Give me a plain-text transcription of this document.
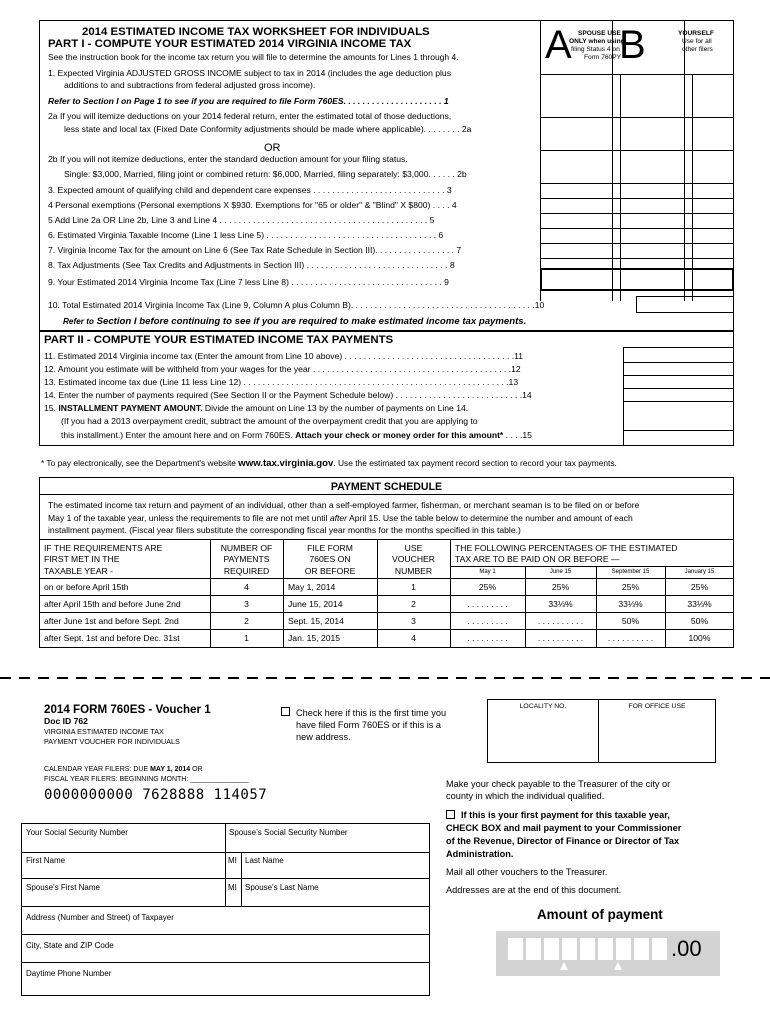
A SPOUSE USE
ONLY when using
filing Status 4 on
Form 760PY
B	YOURSELF
Use for all
other filers
2014 ESTIMATED INCOME TAX WORKSHEET FOR INDIVIDUALS
PART I - COMPUTE YOUR ESTIMATED 2014 VIRGINIA INCOME TAX
See the instruction book for the income tax return you will file to determine the amounts for Lines 1 through 4.
1. Expected Virginia ADJUSTED GROSS INCOME subject to tax in 2014 (includes the age deduction plus
additions to and subtractions from federal adjusted gross income).
Refer to Section I on Page 1 to see if you are required to file Form 760ES. . . . . . . . . . . . . . . . . . . . . 1
2a If you will itemize deductions on your 2014 federal return, enter the estimated total of those deductions,
less state and local tax (Fixed Date Conformity adjustments should be made where applicable). . . . . . . . 2a
OR
2b If you will not itemize deductions, enter the standard deduction amount for your filing status.
Single: $3,000, Married, filing joint or combined return: $6,000, Married, filing separately: $3,000. . . . . . 2b
3. Expected amount of qualifying child and dependent care expenses . . . . . . . . . . . . . . . . . . . . . . . . . . . . 3
4 Personal exemptions (Personal exemptions X $930. Exemptions for "65 or older" & "Blind" X $800) . . . . 4
5 Add Line 2a OR Line 2b, Line 3 and Line 4 . . . . . . . . . . . . . . . . . . . . . . . . . . . . . . . . . . . . . . . . . . . . 5
6. Estimated Virginia Taxable Income (Line 1 less Line 5) . . . . . . . . . . . . . . . . . . . . . . . . . . . . . . . . . . . . 6
7. Virginia Income Tax for the amount on Line 6 (See Tax Rate Schedule in Section III). . . . . . . . . . . . . . . . . 7
8. Tax Adjustments (See Tax Credits and Adjustments in Section III) . . . . . . . . . . . . . . . . . . . . . . . . . . . . . . 8
9. Your Estimated 2014 Virginia Income Tax (Line 7 less Line 8) . . . . . . . . . . . . . . . . . . . . . . . . . . . . . . . . 9
10. Total Estimated 2014 Virginia Income Tax (Line 9, Column A plus Column B). . . . . . . . . . . . . . . . . . . . . . . . . . . . . . . . . . . . . . .10
Refer to Section I before continuing to see if you are required to make estimated income tax payments.
PART II - COMPUTE YOUR ESTIMATED INCOME TAX PAYMENTS
11. Estimated 2014 Virginia income tax (Enter the amount from Line 10 above) . . . . . . . . . . . . . . . . . . . . . . . . . . . . . . . . . . . .11
12. Amount you estimate will be withheld from your wages for the year . . . . . . . . . . . . . . . . . . . . . . . . . . . . . . . . . . . . . . . . . .12
13. Estimated income tax due (Line 11 less Line 12) . . . . . . . . . . . . . . . . . . . . . . . . . . . . . . . . . . . . . . . . . . . . . . . . . . . . . . . .13
14. Enter the number of payments required (See Section II or the Payment Schedule below) . . . . . . . . . . . . . . . . . . . . . . . . . . .14
15. INSTALLMENT PAYMENT AMOUNT. Divide the amount on Line 13 by the number of payments on Line 14.
(If you had a 2013 overpayment credit, subtract the amount of the overpayment credit that you are applying to
this installment.) Enter the amount here and on Form 760ES. Attach your check or money order for this amount* . . . .15
* To pay electronically, see the Department's website www.tax.virginia.gov. Use the estimated tax payment record section to record your tax payments.
PAYMENT SCHEDULE
The estimated income tax return and payment of an individual, other than a self-employed farmer, fisherman, or merchant seaman is to be filed on or before
May 1 of the taxable year, unless the requirements to file are not met until after April 15. Use the table below to determine the number and amount of each
installment payment. (Fiscal year filers substitute the corresponding fiscal year months for the months specified in this table.)
IF THE REQUIREMENTS ARE
FIRST MET IN THE
TAXABLE YEAR -
NUMBER OF
PAYMENTS
REQUIRED
FILE FORM
760ES ON
OR BEFORE
USE
VOUCHER
NUMBER
THE FOLLOWING PERCENTAGES OF THE ESTIMATED
TAX ARE TO BE PAID ON OR BEFORE —
May 1	June 15	September 15	January 15
on or before April 15th	4	May 1, 2014	1	25%	25%	25%	25%
after April 15th and before June 2nd	3	June 15, 2014	2	. . . . . . . . .	33⅓%	33⅓%	33⅓%
after June 1st and before Sept. 2nd	2	Sept. 15, 2014	3	. . . . . . . . .	. . . . . . . . . .	50%	50%
after Sept. 1st and before Dec. 31st	1	Jan. 15, 2015	4	. . . . . . . . .	. . . . . . . . . .	. . . . . . . . . .	100%
2014 FORM 760ES - Voucher 1
Doc ID 762
VIRGINIA ESTIMATED INCOME TAX
PAYMENT VOUCHER FOR INDIVIDUALS
Check here if this is the first time you
have filed Form 760ES or if this is a
new address.
LOCALITY NO.	FOR OFFICE USE
CALENDAR YEAR FILERS: DUE MAY 1, 2014 OR
FISCAL YEAR FILERS: BEGINNING MONTH: _______________
0000000000 7628888 114057
Your Social Security Number	Spouse’s Social Security Number
First Name	MI Last Name
Spouse's First Name	MI Spouse's Last Name
Address (Number and Street) of Taxpayer
City, State and ZIP Code
Daytime Phone Number
Make your check payable to the Treasurer of the city or
county in which the individual qualified.
If this is your first payment for this taxable year,
CHECK BOX and mail payment to your Commissioner
of the Revenue, Director of Finance or Director of Tax
Administration.
Mail all other vouchers to the Treasurer.
Addresses are at the end of this document.
Amount of payment
.00
